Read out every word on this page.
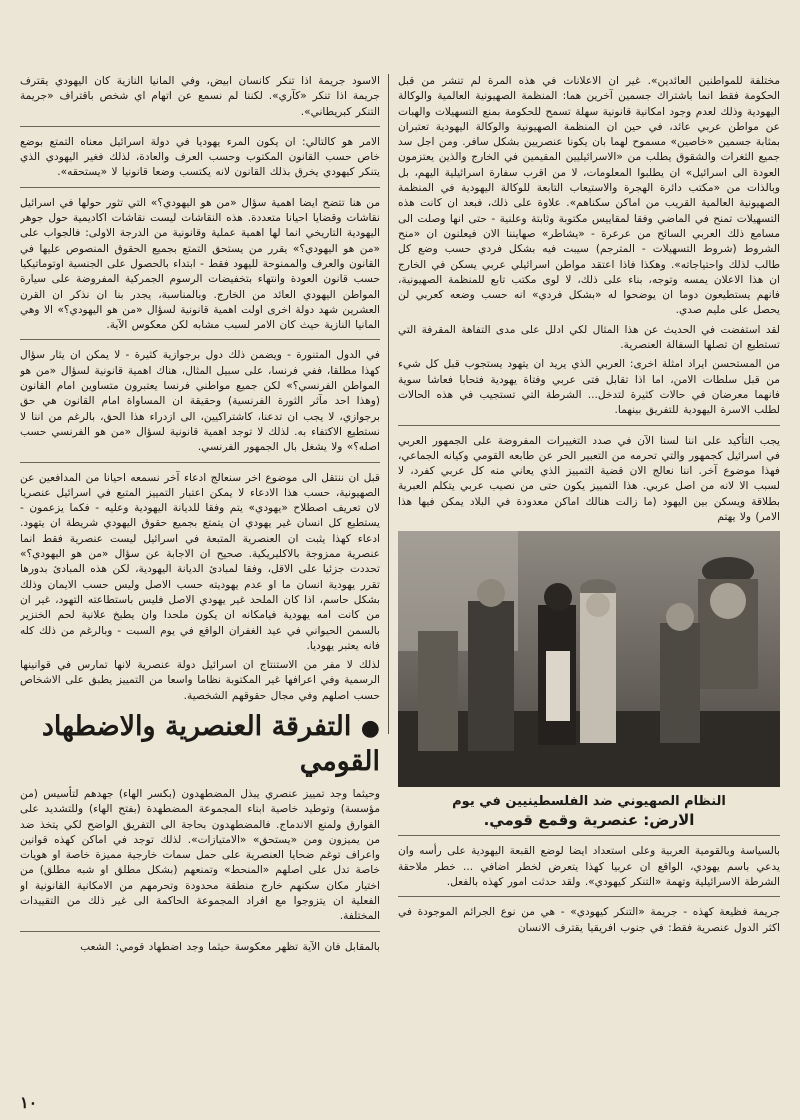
مختلفة للمواطنين العائدين». غير ان الاعلانات في هذه المرة لم تنشر من قبل الحكومة فقط انما باشتراك جسمين آخرين هما: المنظمة الصهيونية العالمية والوكالة اليهودية وذلك لعدم وجود امكانية قانونية سهلة تسمح للحكومة بمنع التسهيلات والهبات عن مواطن عربي عائد، في حين ان المنظمة الصهيونية والوكالة اليهودية تعتبران بمثابة جسمين «خاصين» مسموح لهما بان يكونا عنصريين بشكل سافر. ومن اجل سد جميع الثغرات والشقوق يطلب من «الاسرائيليين المقيمين في الخارج والذين يعتزمون العودة الى اسرائيل» ان يطلبوا المعلومات، لا من اقرب سفارة اسرائيلية اليهم، بل وبالذات من «مكتب دائرة الهجرة والاستيعاب التابعة للوكالة اليهودية في المنظمة الصهيونية العالمية القريب من اماكن سكناهم». علاوة على ذلك، فبعد ان كانت هذه التسهيلات تمنح في الماضي وفقا لمقاييس مكتوبة وثابتة وعلنية - حتى انها وصلت الى مسامع ذلك العربي السائح من عرعرة - «يشاطر» صهايننا الان فيعلنون ان «منح الشروط (شروط التسهيلات - المترجم) سيبت فيه بشكل فردي حسب وضع كل طالب لذلك واحتياجاته». وهكذا فاذا اعتقد مواطن اسرائيلي عربي يسكن في الخارج ان هذا الاعلان يمسه وتوجه، بناء على ذلك، لا لوى مكتب تابع للمنظمة الصهيونية، فانهم يستطيعون دوما ان يوضحوا له «بشكل فردي» انه حسب وضعه كعربي لن يحصل على مليم صدي.

لقد استفضت في الحديث عن هذا المثال لكي ادلل على مدى التفاهة المقرفة التي تستطيع ان تصلها السفالة العنصرية.

من المستحسن ايراد امثلة اخرى: العربي الذي يريد ان يتهود يستجوب قبل كل شيء من قبل سلطات الامن، اما اذا تقابل فتى عربي وفتاة يهودية فتحابا فعاشا سوية فانهما معرضان في حالات كثيرة لتدخل... الشرطة التي تستجيب في هذه الحالات لطلب الاسرة اليهودية للتفريق بينهما.

يجب التأكيد على اننا لسنا الآن في صدد التغييرات المفروضة على الجمهور العربي في اسرائيل كجمهور والتي تحرمه من التعبير الحر عن طابعه القومي وكيانه الجماعي، فهذا موضوع آخر. اننا نعالج الان قضية التمييز الذي يعاني منه كل عربي كفرد، لا لسبب الا لانه من اصل عربي. هذا التمييز يكون حتى من نصيب عربي يتكلم العبرية بطلاقة ويسكن بين اليهود (ما زالت هنالك اماكن معدودة في البلاد يمكن فيها هذا الامر) ولا يهتم

النظام الصهيوني ضد الفلسطينيين في يوم
الارض: عنصرية وقمع قومي.

بالسياسة وبالقومية العربية وعلى استعداد ايضا لوضع القبعة اليهودية على رأسه وان يدعي باسم يهودي، الواقع ان عربيا كهذا يتعرض لخطر اضافي ... خطر ملاحقة الشرطة الاسرائيلية وتهمة «التنكر كيهودي». ولقد حدثت امور كهذه بالفعل.

جريمة فظيعة كهذه - جريمة «التنكر كيهودي» - هي من نوع الجرائم الموجودة في اكثر الدول عنصرية فقط: في جنوب افريقيا يقترف الانسان

الاسود جريمة اذا تنكر كانسان ابيض، وفي المانيا النازية كان اليهودي يقترف جريمة اذا تنكر «كآري». لكننا لم نسمع عن اتهام اي شخص باقتراف «جريمة التنكر كبريطاني».

الامر هو كالتالي: ان يكون المرء يهوديا في دولة اسرائيل معناه التمتع بوضع خاص حسب القانون المكتوب وحسب العرف والعادة، لذلك فغير اليهودي الذي يتنكر كيهودي يخرق بذلك القانون لانه يكتسب وضعا قانونيا لا «يستحقه».

من هنا تتضح ايضا اهمية سؤال «من هو اليهودي؟» التي تثور حولها في اسرائيل نقاشات وقضايا احيانا متعددة. هذه النقاشات ليست نقاشات اكاديمية حول جوهر اليهودية التاريخي انما لها اهمية عملية وقانونية من الدرجة الاولى: فالجواب على «من هو اليهودي؟» يقرر من يستحق التمتع بجميع الحقوق المنصوص عليها في القانون والعرف والممنوحة لليهود فقط - ابتداء بالحصول على الجنسية اوتوماتيكيا حسب قانون العودة وانتهاء بتخفيضات الرسوم الجمركية المفروضة على سيارة المواطن اليهودي العائد من الخارج. وبالمناسبة، يجدر بنا ان نذكر ان القرن العشرين شهد دولة اخرى اولت اهمية قانونية لسؤال «من هو اليهودي؟» الا وهي المانيا النازية حيث كان الامر لسبب مشابه لكن معكوس الآية.

في الدول المتنورة - ويضمن ذلك دول برجوازية كثيرة - لا يمكن ان يثار سؤال كهذا مطلقا، ففي فرنسا، على سبيل المثال، هناك اهمية قانونية لسؤال «من هو المواطن الفرنسي؟» لكن جميع مواطني فرنسا يعتبرون متساوين امام القانون (وهذا احد مآثر الثورة الفرنسية) وحقيقة ان المساواة امام القانون هي حق برجوازي، لا يجب ان تدعنا، كاشتراكيين، الى ازدراء هذا الحق، بالرغم من اننا لا نستطيع الاكتفاء به. لذلك لا توجد اهمية قانونية لسؤال «من هو الفرنسي حسب اصله؟» ولا يشغل بال الجمهور الفرنسي.

قبل ان ننتقل الى موضوع اخر سنعالج ادعاء آخر نسمعه احيانا من المدافعين عن الصهيونية، حسب هذا الادعاء لا يمكن اعتبار التمييز المتبع في اسرائيل عنصريا لان تعريف اصطلاح «يهودي» يتم وفقا للديانة اليهودية وعليه - فكما يزعمون - يستطيع كل انسان غير يهودي ان يتمتع بجميع حقوق اليهودي شريطة ان يتهود. ادعاء كهذا يثبت ان العنصرية المتبعة في اسرائيل ليست عنصرية فقط انما عنصرية ممزوجة بالاكليريكية. صحيح ان الاجابة عن سؤال «من هو اليهودي؟» تحددت جزئيا على الاقل، وفقا لمبادئ الديانة اليهودية، لكن هذه المبادئ بدورها تقرر يهودية انسان ما او عدم يهوديته حسب الاصل وليس حسب الايمان وذلك بشكل حاسم، اذا كان الملحد غير يهودي الاصل فليس باستطاعته التهود، غير ان من كانت امه يهودية فيامكانه ان يكون ملحدا وان يطبخ علانية لحم الخنزير بالسمن الحيواني في عيد الغفران الواقع في يوم السبت - وبالرغم من ذلك كله فانه يعتبر يهوديا.

لذلك لا مفر من الاستنتاج ان اسرائيل دولة عنصرية لانها تمارس في قوانينها الرسمية وفي اعرافها غير المكتوبة نظاما واسعا من التمييز يطبق على الاشخاص حسب اصلهم وفي مجال حقوقهم الشخصية.

● التفرقة العنصرية والاضطهاد القومي

وحيثما وجد تمييز عنصري يبذل المضطهدون (بكسر الهاء) جهدهم لتأسيس (من مؤسسة) وتوطيد خاصية ابناء المجموعة المضطهدة (بفتح الهاء) وللتشديد على الفوارق ولمنع الاندماج. فالمضطهدون بحاجة الى التفريق الواضح لكي يتخذ ضد من يميزون ومن «يستحق» «الامتيازات». لذلك توجد في اماكن كهذه قوانين واعراف توغم ضحايا العنصرية على حمل سمات خارجية مميزة خاصة او هويات خاصة تدل على اصلهم «المنحط» وتمنعهم (بشكل مطلق او شبه مطلق) من اختيار مكان سكنهم خارج منطقة محدودة وتحرمهم من الامكانية القانونية او الفعلية ان يتزوجوا مع افراد المجموعة الحاكمة الى غير ذلك من التقييدات المختلفة.

بالمقابل فان الآية تظهر معكوسة حيثما وجد اضطهاد قومي: الشعب

١٠
